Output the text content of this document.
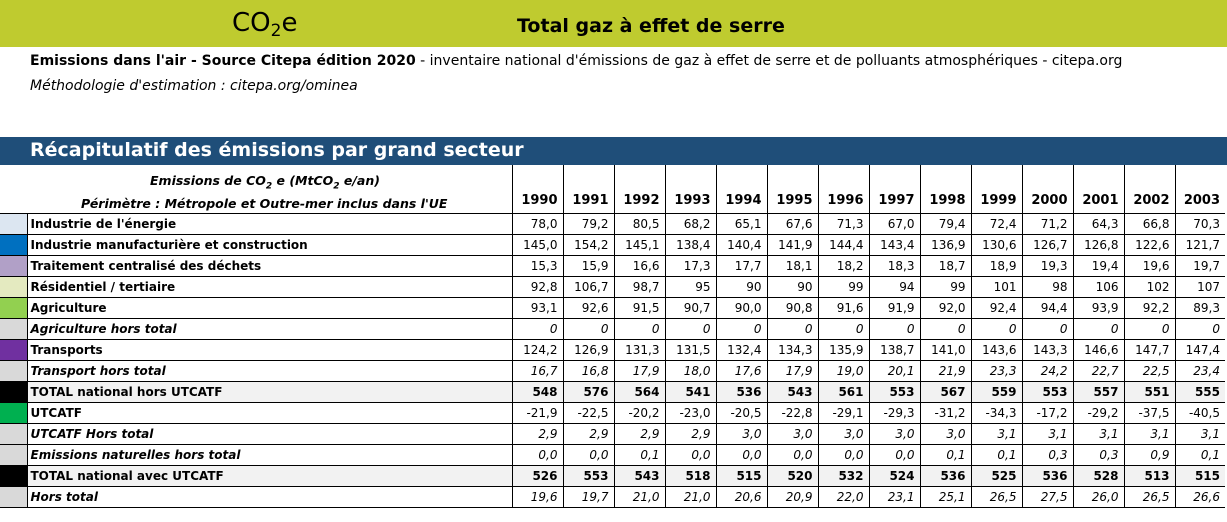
$CO_2e$	Total gaz à effet de serre
Emissions dans l'air - Source Citepa édition 2020 - inventaire national d'émissions de gaz à effet de serre et de polluants atmosphériques - citepa.org
Méthodologie d'estimation : citepa.org/ominea
Récapitulatif des émissions par grand secteur
		1990	1991	1992	1993	1994	1995	1996	1997	1998	1999	2000	2001	2002	2003
	Industrie de l'énergie	78,0	79,2	80,5	68,2	65,1	67,6	71,3	67,0	79,4	72,4	71,2	64,3	66,8	70,3
	Industrie manufacturière et construction	145,0	154,2	145,1	138,4	140,4	141,9	144,4	143,4	136,9	130,6	126,7	126,8	122,6	121,7
	Traitement centralisé des déchets	15,3	15,9	16,6	17,3	17,7	18,1	18,2	18,3	18,7	18,9	19,3	19,4	19,6	19,7
	Résidentiel / tertiaire	92,8	106,7	98,7	95	90	90	99	94	99	101	98	106	102	107
	Agriculture	93,1	92,6	91,5	90,7	90,0	90,8	91,6	91,9	92,0	92,4	94,4	93,9	92,2	89,3
	Agriculture hors total	0	0	0	0	0	0	0	0	0	0	0	0	0	0
	Transports	124,2	126,9	131,3	131,5	132,4	134,3	135,9	138,7	141,0	143,6	143,3	146,6	147,7	147,4
	Transport hors total	16,7	16,8	17,9	18,0	17,6	17,9	19,0	20,1	21,9	23,3	24,2	22,7	22,5	23,4
	TOTAL national hors UTCATF	548	576	564	541	536	543	561	553	567	559	553	557	551	555
	UTCATF	-21,9	-22,5	-20,2	-23,0	-20,5	-22,8	-29,1	-29,3	-31,2	-34,3	-17,2	-29,2	-37,5	-40,5
	UTCATF Hors total	2,9	2,9	2,9	2,9	3,0	3,0	3,0	3,0	3,0	3,1	3,1	3,1	3,1	3,1
	Emissions naturelles hors total	0,0	0,0	0,1	0,0	0,0	0,0	0,0	0,0	0,1	0,1	0,3	0,3	0,9	0,1
	TOTAL national avec UTCATF	526	553	543	518	515	520	532	524	536	525	536	528	513	515
	Hors total	19,6	19,7	21,0	21,0	20,6	20,9	22,0	23,1	25,1	26,5	27,5	26,0	26,5	26,6
Emissions de $CO_2$ e (MtCO$_2$ e/an)
Périmètre : Métropole et Outre-mer inclus dans l'UE
